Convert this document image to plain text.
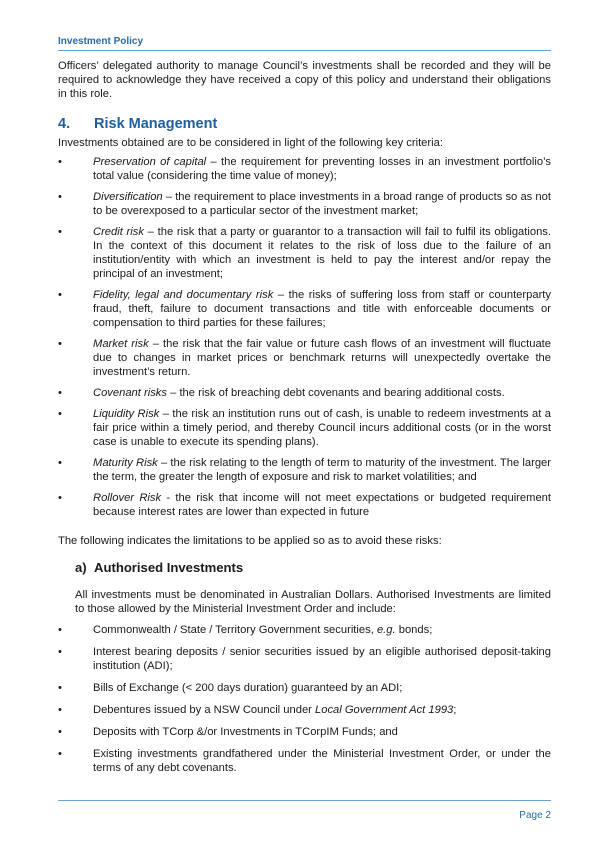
Investment Policy

Officers’ delegated authority to manage Council’s investments shall be recorded and they will be required to acknowledge they have received a copy of this policy and understand their obligations in this role.

4.	Risk Management

Investments obtained are to be considered in light of the following key criteria:

•	Preservation of capital – the requirement for preventing losses in an investment portfolio’s total value (considering the time value of money);
•	Diversification – the requirement to place investments in a broad range of products so as not to be overexposed to a particular sector of the investment market;
•	Credit risk – the risk that a party or guarantor to a transaction will fail to fulfil its obligations. In the context of this document it relates to the risk of loss due to the failure of an institution/entity with which an investment is held to pay the interest and/or repay the principal of an investment;
•	Fidelity, legal and documentary risk – the risks of suffering loss from staff or counterparty fraud, theft, failure to document transactions and title with enforceable documents or compensation to third parties for these failures;
•	Market risk – the risk that the fair value or future cash flows of an investment will fluctuate due to changes in market prices or benchmark returns will unexpectedly overtake the investment’s return.
•	Covenant risks – the risk of breaching debt covenants and bearing additional costs.
•	Liquidity Risk – the risk an institution runs out of cash, is unable to redeem investments at a fair price within a timely period, and thereby Council incurs additional costs (or in the worst case is unable to execute its spending plans).
•	Maturity Risk – the risk relating to the length of term to maturity of the investment. The larger the term, the greater the length of exposure and risk to market volatilities; and
•	Rollover Risk - the risk that income will not meet expectations or budgeted requirement because interest rates are lower than expected in future

The following indicates the limitations to be applied so as to avoid these risks:

a) Authorised Investments

All investments must be denominated in Australian Dollars. Authorised Investments are limited to those allowed by the Ministerial Investment Order and include:

•	Commonwealth / State / Territory Government securities, e.g. bonds;
•	Interest bearing deposits / senior securities issued by an eligible authorised deposit-taking institution (ADI);
•	Bills of Exchange (< 200 days duration) guaranteed by an ADI;
•	Debentures issued by a NSW Council under Local Government Act 1993;
•	Deposits with TCorp &/or Investments in TCorpIM Funds; and
•	Existing investments grandfathered under the Ministerial Investment Order, or under the terms of any debt covenants.
Page 2
